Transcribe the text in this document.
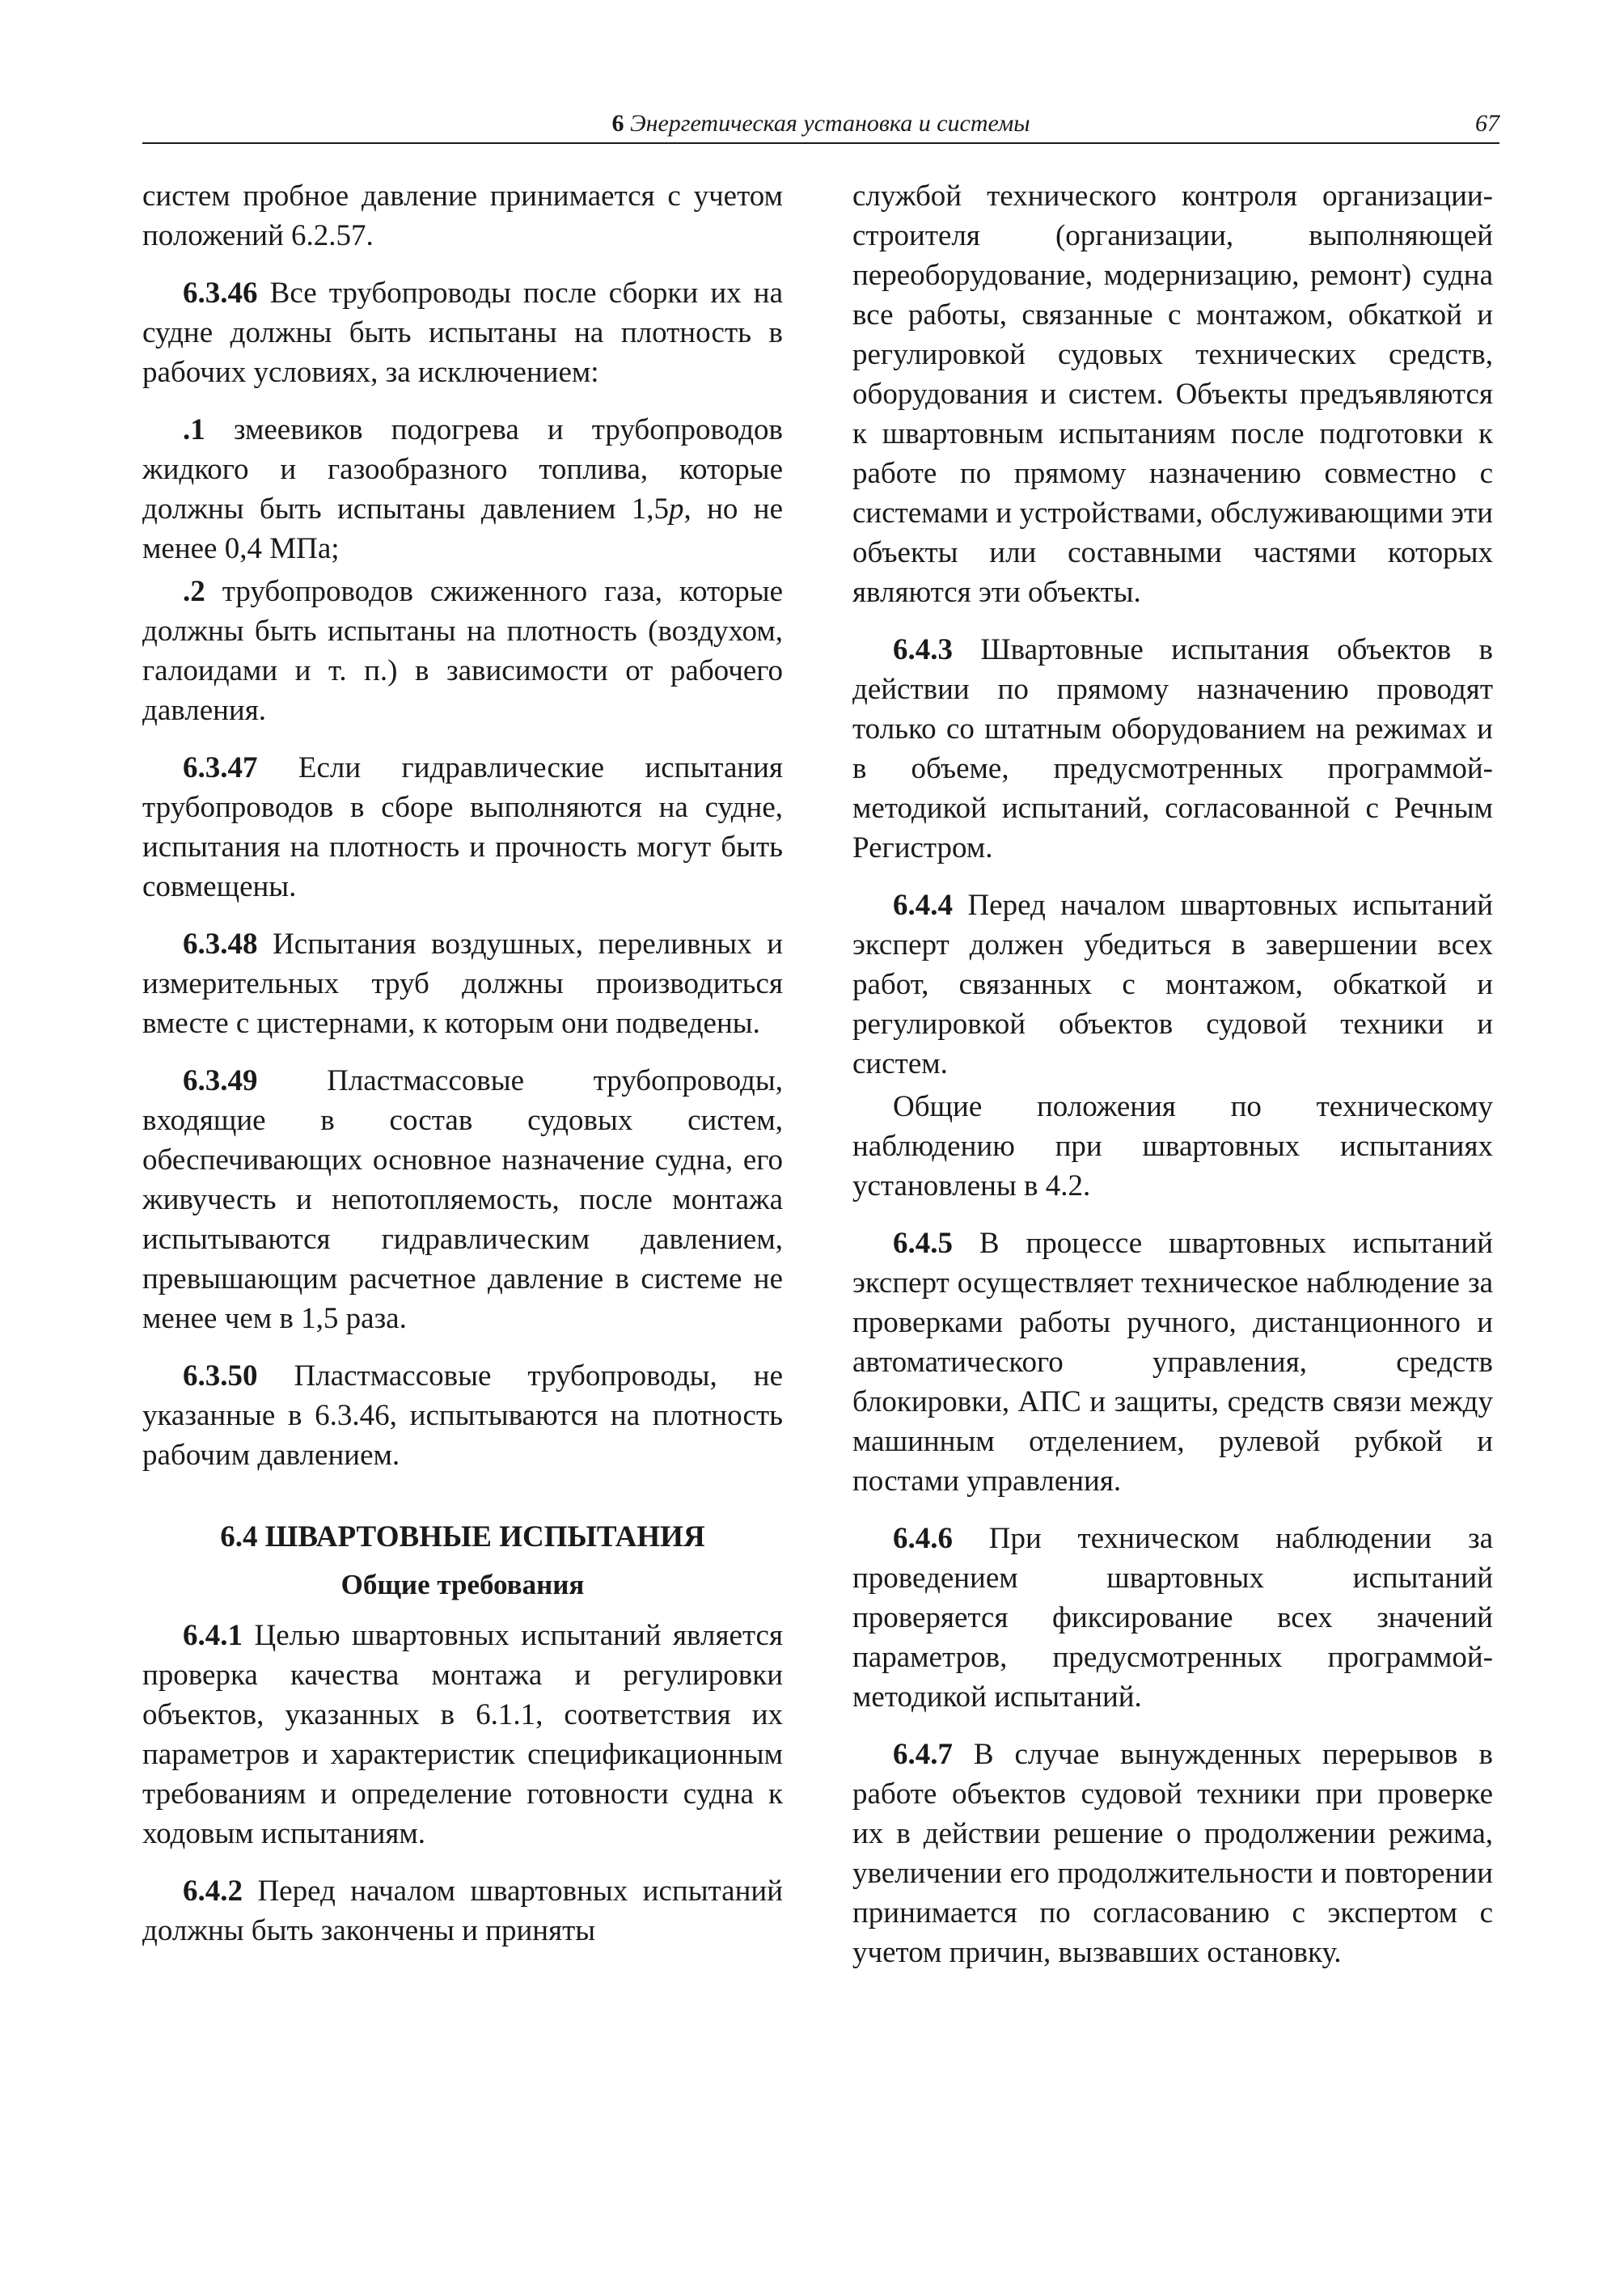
6 Энергетическая установка и системы	67

систем пробное давление принимается с учетом положений 6.2.57.

6.3.46 Все трубопроводы после сборки их на судне должны быть испытаны на плотность в рабочих условиях, за исключением:

.1 змеевиков подогрева и трубопроводов жидкого и газообразного топлива, которые должны быть испытаны давлением 1,5p, но не менее 0,4 МПа;

.2 трубопроводов сжиженного газа, которые должны быть испытаны на плотность (воздухом, галоидами и т. п.) в зависимости от рабочего давления.

6.3.47 Если гидравлические испытания трубопроводов в сборе выполняются на судне, испытания на плотность и прочность могут быть совмещены.

6.3.48 Испытания воздушных, переливных и измерительных труб должны производиться вместе с цистернами, к которым они подведены.

6.3.49 Пластмассовые трубопроводы, входящие в состав судовых систем, обеспечивающих основное назначение судна, его живучесть и непотопляемость, после монтажа испытываются гидравлическим давлением, превышающим расчетное давление в системе не менее чем в 1,5 раза.

6.3.50 Пластмассовые трубопроводы, не указанные в 6.3.46, испытываются на плотность рабочим давлением.

6.4 ШВАРТОВНЫЕ ИСПЫТАНИЯ

Общие требования

6.4.1 Целью швартовных испытаний является проверка качества монтажа и регулировки объектов, указанных в 6.1.1, соответствия их параметров и характеристик спецификационным требованиям и определение готовности судна к ходовым испытаниям.

6.4.2 Перед началом швартовных испытаний должны быть закончены и приняты

службой технического контроля организации-строителя (организации, выполняющей переоборудование, модернизацию, ремонт) судна все работы, связанные с монтажом, обкаткой и регулировкой судовых технических средств, оборудования и систем. Объекты предъявляются к швартовным испытаниям после подготовки к работе по прямому назначению совместно с системами и устройствами, обслуживающими эти объекты или составными частями которых являются эти объекты.

6.4.3 Швартовные испытания объектов в действии по прямому назначению проводят только со штатным оборудованием на режимах и в объеме, предусмотренных программой-методикой испытаний, согласованной с Речным Регистром.

6.4.4 Перед началом швартовных испытаний эксперт должен убедиться в завершении всех работ, связанных с монтажом, обкаткой и регулировкой объектов судовой техники и систем.

Общие положения по техническому наблюдению при швартовных испытаниях установлены в 4.2.

6.4.5 В процессе швартовных испытаний эксперт осуществляет техническое наблюдение за проверками работы ручного, дистанционного и автоматического управления, средств блокировки, АПС и защиты, средств связи между машинным отделением, рулевой рубкой и постами управления.

6.4.6 При техническом наблюдении за проведением швартовных испытаний проверяется фиксирование всех значений параметров, предусмотренных программой-методикой испытаний.

6.4.7 В случае вынужденных перерывов в работе объектов судовой техники при проверке их в действии решение о продолжении режима, увеличении его продолжительности и повторении принимается по согласованию с экспертом с учетом причин, вызвавших остановку.
